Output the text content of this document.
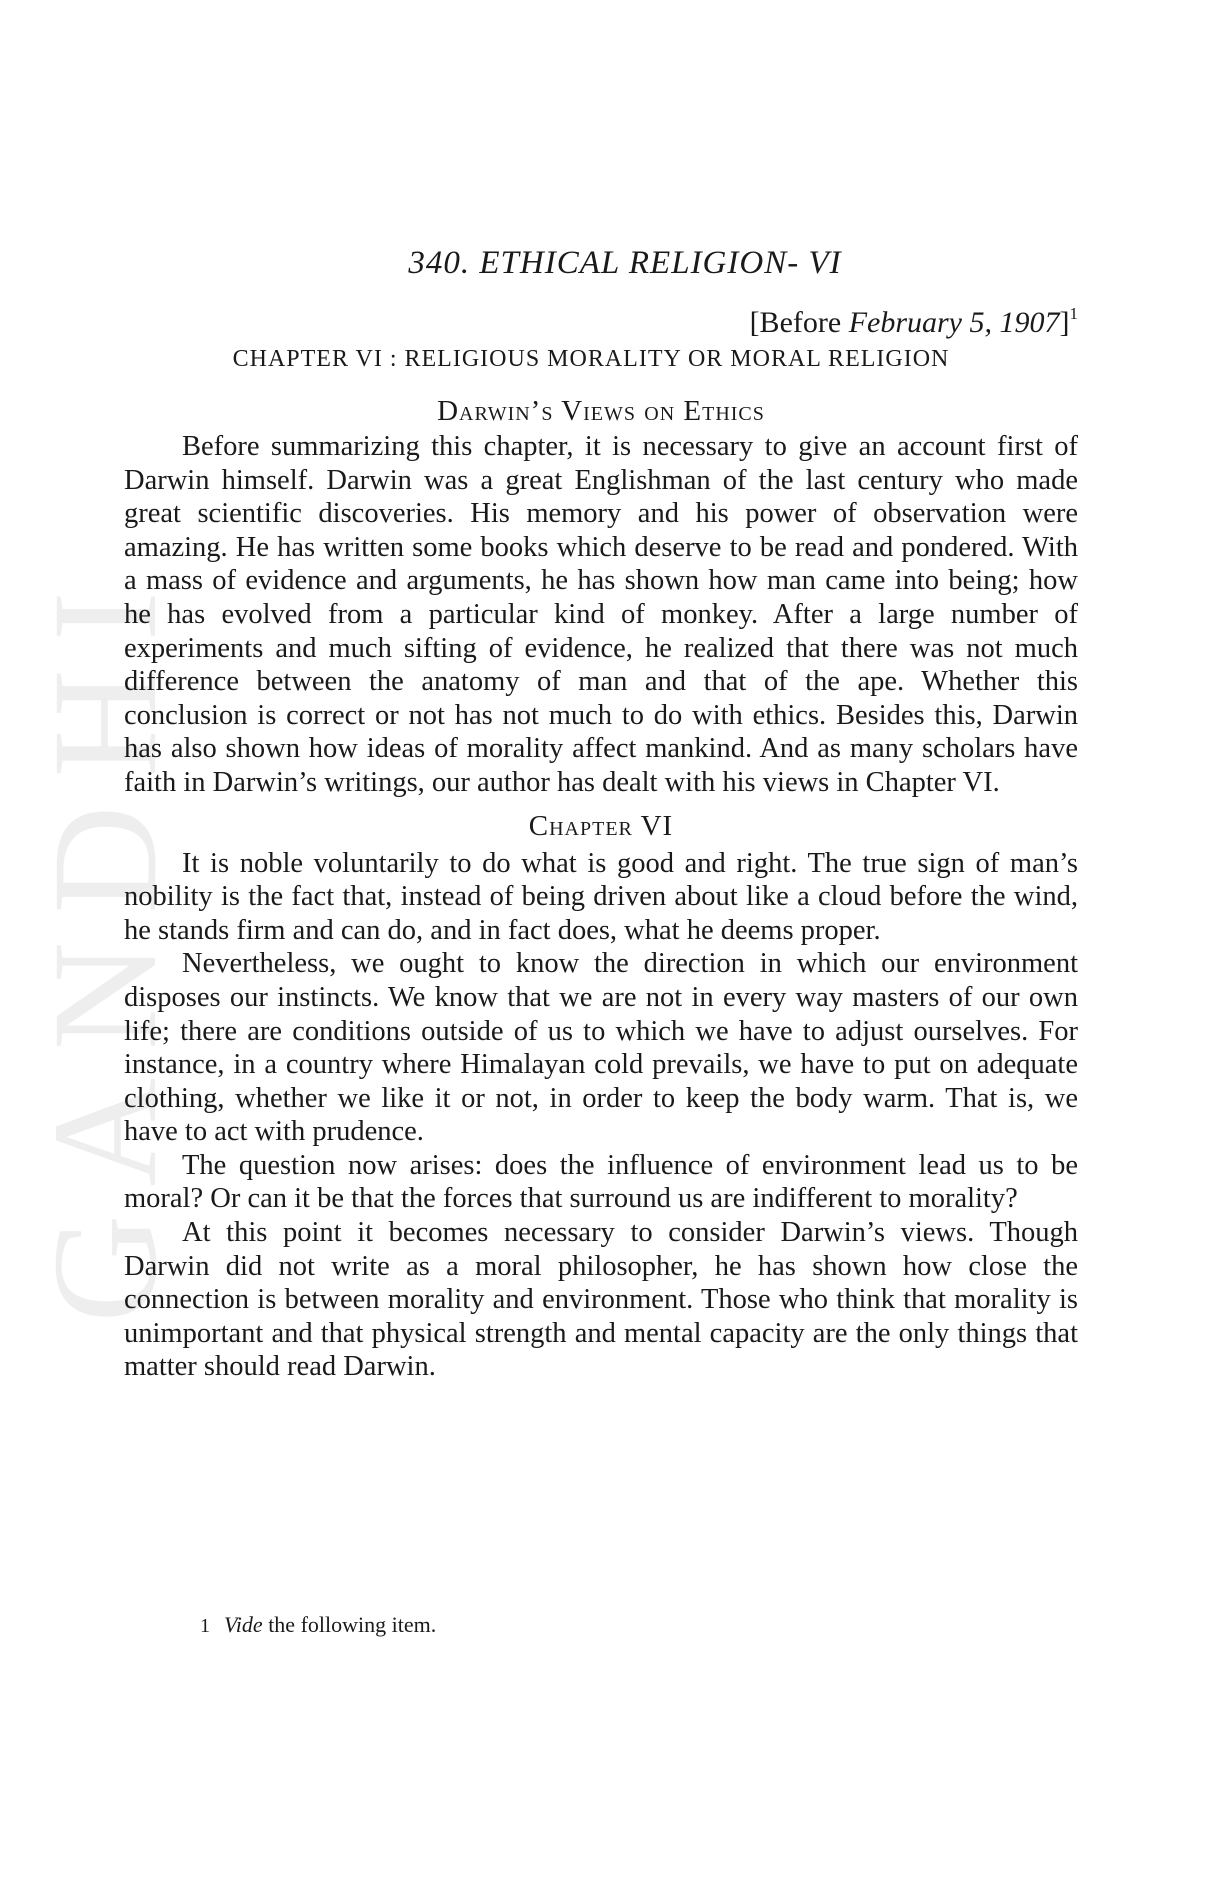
GANDHI
340. ETHICAL RELIGION- VI
[Before February 5, 1907]$^1$
CHAPTER VI : RELIGIOUS MORALITY OR MORAL RELIGION
Darwin’s Views on Ethics

Before summarizing this chapter, it is necessary to give an account first of Darwin himself. Darwin was a great Englishman of the last century who made great scientific discoveries. His memory and his power of observation were amazing. He has written some books which deserve to be read and pondered. With a mass of evidence and arguments, he has shown how man came into being; how he has evolved from a particular kind of monkey. After a large number of experiments and much sifting of evidence, he realized that there was not much difference between the anatomy of man and that of the ape. Whether this conclusion is correct or not has not much to do with ethics. Besides this, Darwin has also shown how ideas of morality affect mankind. And as many scholars have faith in Darwin’s writings, our author has dealt with his views in Chapter VI.

Chapter VI

It is noble voluntarily to do what is good and right. The true sign of man’s nobility is the fact that, instead of being driven about like a cloud before the wind, he stands firm and can do, and in fact does, what he deems proper.

Nevertheless, we ought to know the direction in which our environment disposes our instincts. We know that we are not in every way masters of our own life; there are conditions outside of us to which we have to adjust ourselves. For instance, in a country where Himalayan cold prevails, we have to put on adequate clothing, whether we like it or not, in order to keep the body warm. That is, we have to act with prudence.

The question now arises: does the influence of environment lead us to be moral? Or can it be that the forces that surround us are indifferent to morality?

At this point it becomes necessary to consider Darwin’s views. Though Darwin did not write as a moral philosopher, he has shown how close the connection is between morality and environment. Those who think that morality is unimportant and that physical strength and mental capacity are the only things that matter should read Darwin.

1 Vide the following item.
